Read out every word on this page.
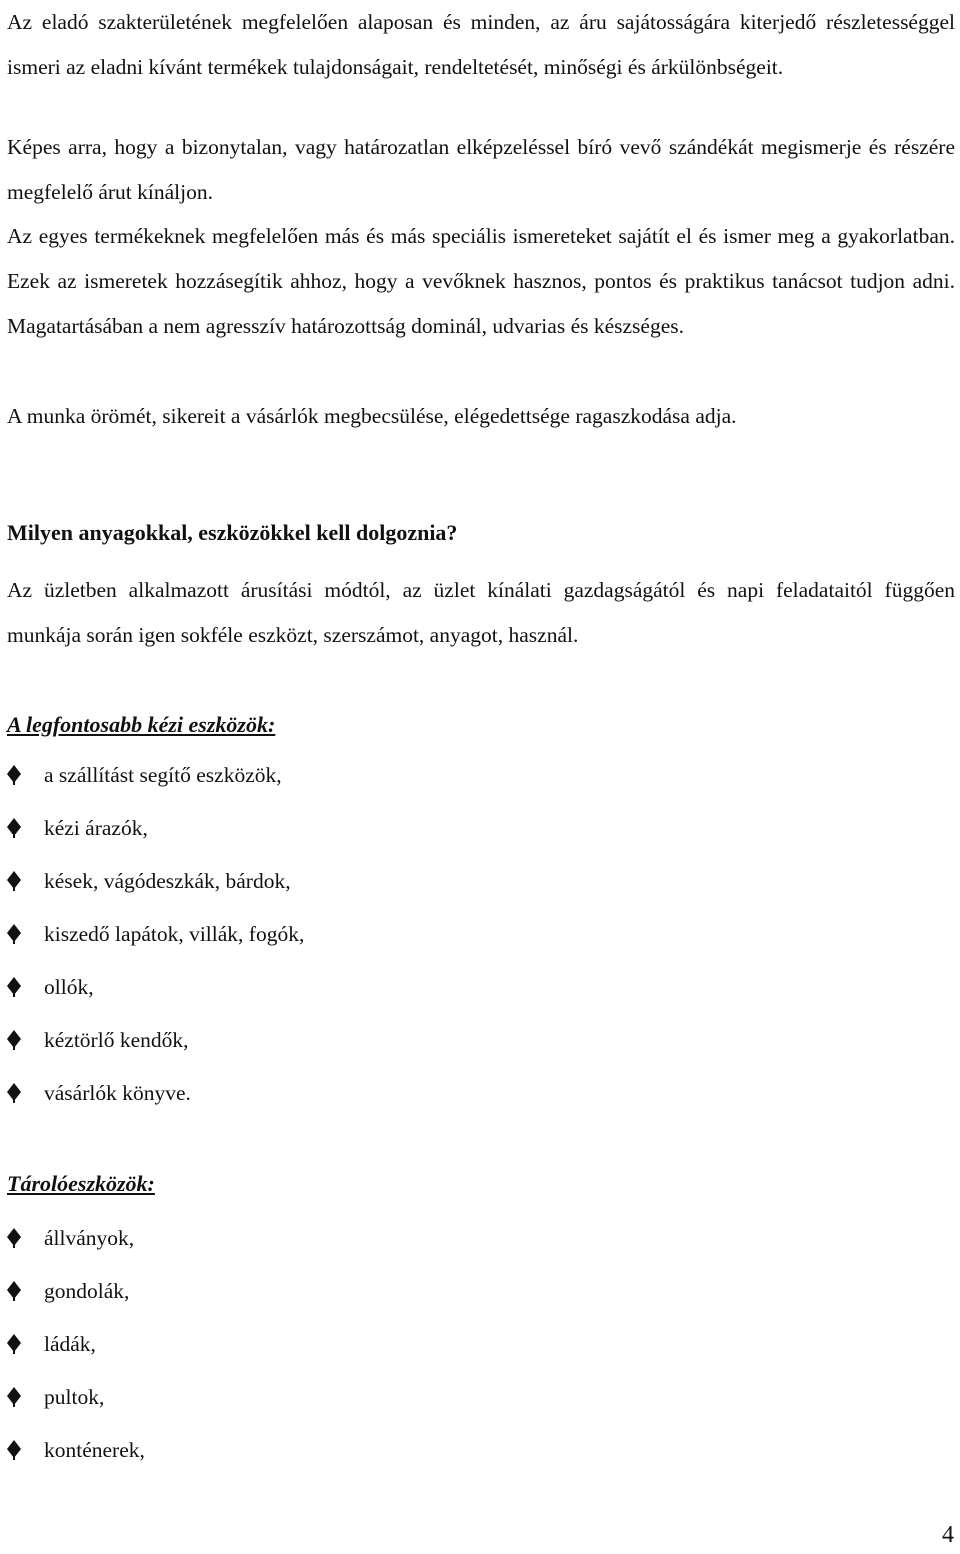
Az eladó szakterületének megfelelően alaposan és minden, az áru sajátosságára kiterjedő részletességgel ismeri az eladni kívánt termékek tulajdonságait, rendeltetését, minőségi és árkülönbségeit.

Képes arra, hogy a bizonytalan, vagy határozatlan elképzeléssel bíró vevő szándékát megismerje és részére megfelelő árut kínáljon.

Az egyes termékeknek megfelelően más és más speciális ismereteket sajátít el és ismer meg a gyakorlatban. Ezek az ismeretek hozzásegítik ahhoz, hogy a vevőknek hasznos, pontos és praktikus tanácsot tudjon adni. Magatartásában a nem agresszív határozottság dominál, udvarias és készséges.

A munka örömét, sikereit a vásárlók megbecsülése, elégedettsége ragaszkodása adja.

Milyen anyagokkal, eszközökkel kell dolgoznia?

Az üzletben alkalmazott árusítási módtól, az üzlet kínálati gazdagságától és napi feladataitól függően munkája során igen sokféle eszközt, szerszámot, anyagot, használ.

A legfontosabb kézi eszközök:
a szállítást segítő eszközök,
kézi árazók,
kések, vágódeszkák, bárdok,
kiszedő lapátok, villák, fogók,
ollók,
kéztörlő kendők,
vásárlók könyve.
Tárolóeszközök:
állványok,
gondolák,
ládák,
pultok,
konténerek,

4
